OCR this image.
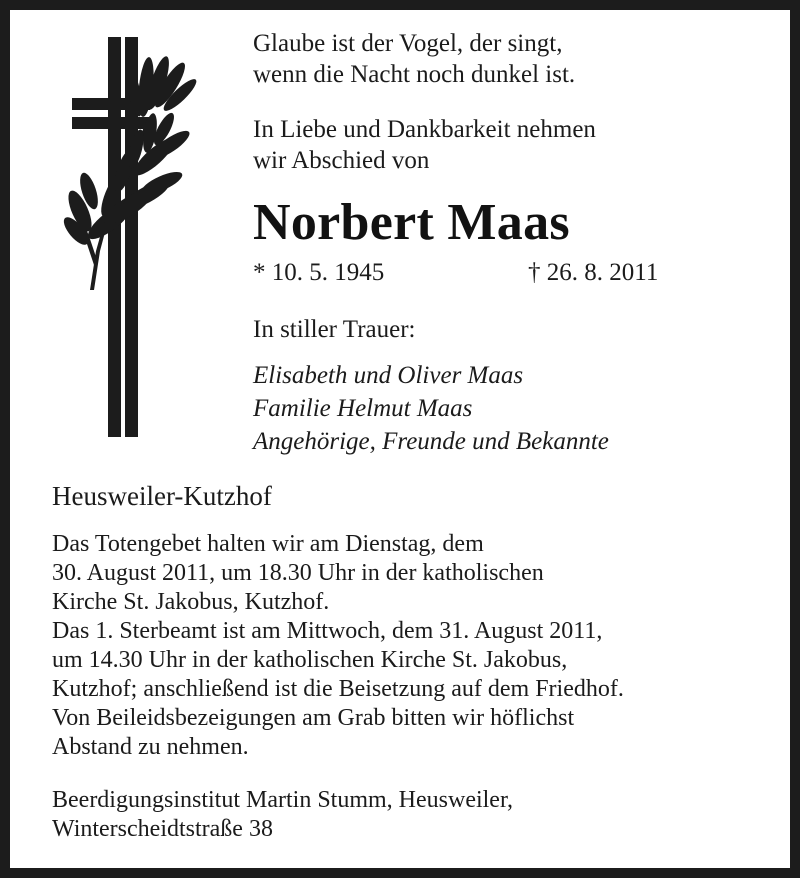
Glaube ist der Vogel, der singt,
wenn die Nacht noch dunkel ist.
In Liebe und Dankbarkeit nehmen
wir Abschied von
Norbert Maas
* 10. 5. 1945	† 26. 8. 2011
In stiller Trauer:
Elisabeth und Oliver Maas
Familie Helmut Maas
Angehörige, Freunde und Bekannte
Heusweiler-Kutzhof
Das Totengebet halten wir am Dienstag, dem
30. August 2011, um 18.30 Uhr in der katholischen
Kirche St. Jakobus, Kutzhof.
Das 1. Sterbeamt ist am Mittwoch, dem 31. August 2011,
um 14.30 Uhr in der katholischen Kirche St. Jakobus,
Kutzhof; anschließend ist die Beisetzung auf dem Friedhof.
Von Beileidsbezeigungen am Grab bitten wir höflichst
Abstand zu nehmen.
Beerdigungsinstitut Martin Stumm, Heusweiler,
Winterscheidtstraße 38
